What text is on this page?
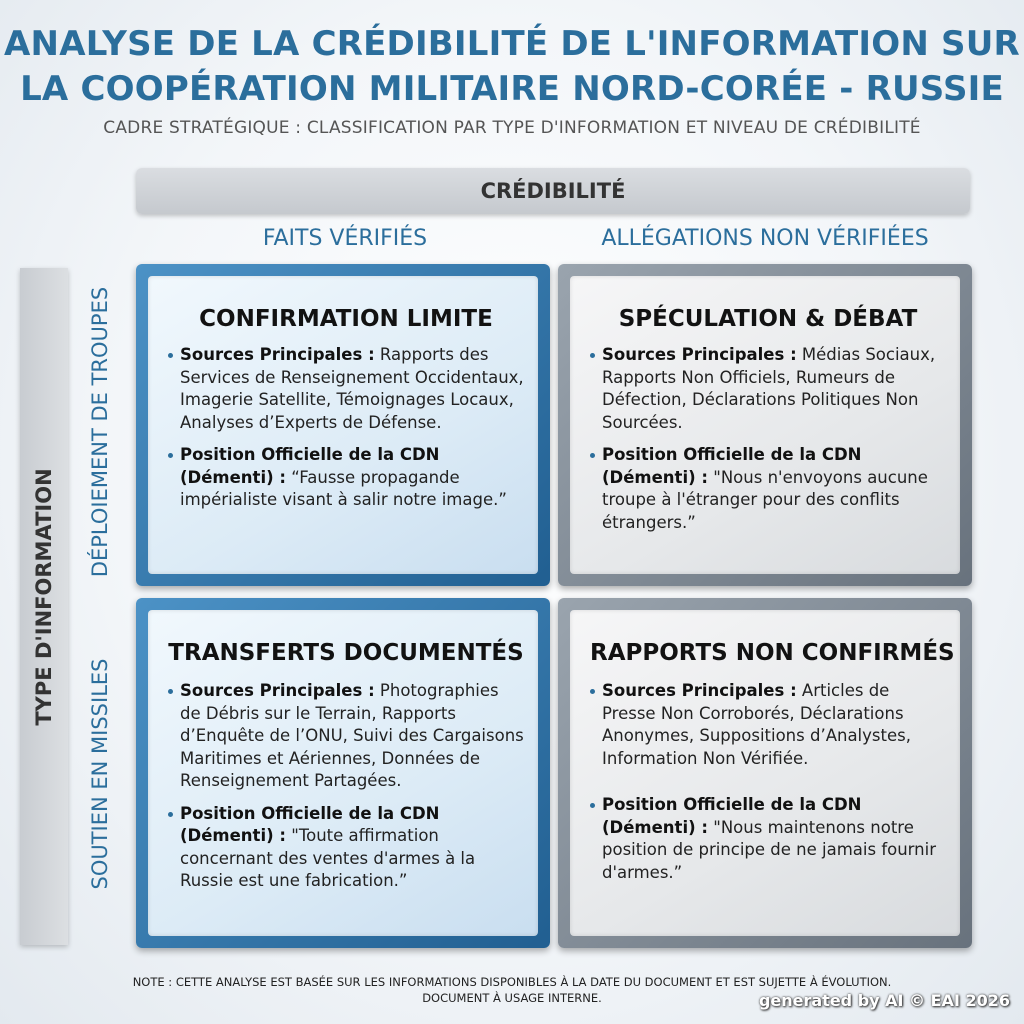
ANALYSE DE LA CRÉDIBILITÉ DE L'INFORMATION SUR
LA COOPÉRATION MILITAIRE NORD-CORÉE - RUSSIE
CADRE STRATÉGIQUE : CLASSIFICATION PAR TYPE D'INFORMATION ET NIVEAU DE CRÉDIBILITÉ
CRÉDIBILITÉ
FAITS VÉRIFIÉS	ALLÉGATIONS NON VÉRIFIÉES
TYPE D'INFORMATION
DÉPLOIEMENT DE TROUPES
SOUTIEN EN MISSILES
CONFIRMATION LIMITE
Sources Principales : Rapports des Services de Renseignement Occidentaux, Imagerie Satellite, Témoignages Locaux, Analyses d’Experts de Défense.
Position Officielle de la CDN (Démenti) : “Fausse propagande impérialiste visant à salir notre image.”
SPÉCULATION & DÉBAT
Sources Principales : Médias Sociaux, Rapports Non Officiels, Rumeurs de Défection, Déclarations Politiques Non Sourcées.
Position Officielle de la CDN (Démenti) : "Nous n'envoyons aucune troupe à l'étranger pour des conflits étrangers.”
TRANSFERTS DOCUMENTÉS
Sources Principales : Photographies de Débris sur le Terrain, Rapports d’Enquête de l’ONU, Suivi des Cargaisons Maritimes et Aériennes, Données de Renseignement Partagées.
Position Officielle de la CDN (Démenti) : "Toute affirmation concernant des ventes d'armes à la Russie est une fabrication.”
RAPPORTS NON CONFIRMÉS
Sources Principales : Articles de Presse Non Corroborés, Déclarations Anonymes, Suppositions d’Analystes, Information Non Vérifiée.
Position Officielle de la CDN (Démenti) : "Nous maintenons notre position de principe de ne jamais fournir d'armes.”
NOTE : CETTE ANALYSE EST BASÉE SUR LES INFORMATIONS DISPONIBLES À LA DATE DU DOCUMENT ET EST SUJETTE À ÉVOLUTION.
DOCUMENT À USAGE INTERNE.	generated by AI © EAI 2026
